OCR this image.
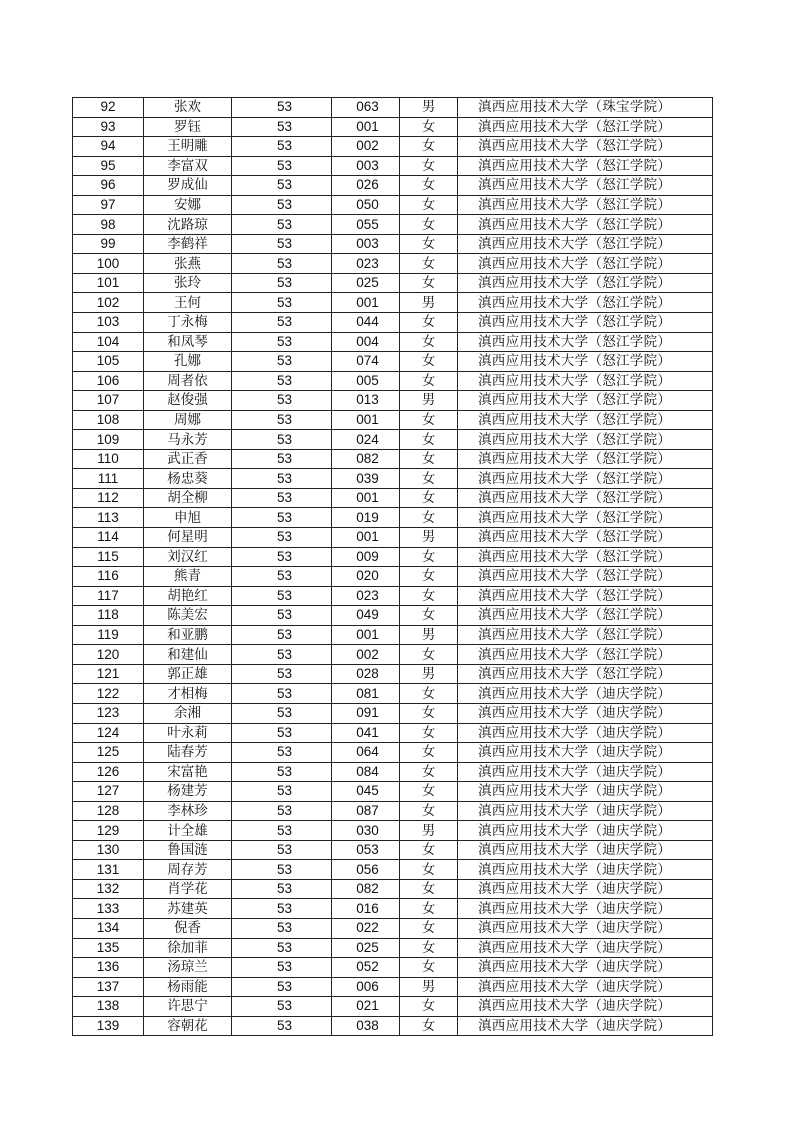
92	张欢	53	063	男	滇西应用技术大学（珠宝学院）
93	罗钰	53	001	女	滇西应用技术大学（怒江学院）
94	王明雕	53	002	女	滇西应用技术大学（怒江学院）
95	李富双	53	003	女	滇西应用技术大学（怒江学院）
96	罗成仙	53	026	女	滇西应用技术大学（怒江学院）
97	安娜	53	050	女	滇西应用技术大学（怒江学院）
98	沈路琼	53	055	女	滇西应用技术大学（怒江学院）
99	李鹤祥	53	003	女	滇西应用技术大学（怒江学院）
100	张燕	53	023	女	滇西应用技术大学（怒江学院）
101	张玲	53	025	女	滇西应用技术大学（怒江学院）
102	王何	53	001	男	滇西应用技术大学（怒江学院）
103	丁永梅	53	044	女	滇西应用技术大学（怒江学院）
104	和凤琴	53	004	女	滇西应用技术大学（怒江学院）
105	孔娜	53	074	女	滇西应用技术大学（怒江学院）
106	周者依	53	005	女	滇西应用技术大学（怒江学院）
107	赵俊强	53	013	男	滇西应用技术大学（怒江学院）
108	周娜	53	001	女	滇西应用技术大学（怒江学院）
109	马永芳	53	024	女	滇西应用技术大学（怒江学院）
110	武正香	53	082	女	滇西应用技术大学（怒江学院）
111	杨忠葵	53	039	女	滇西应用技术大学（怒江学院）
112	胡全柳	53	001	女	滇西应用技术大学（怒江学院）
113	申旭	53	019	女	滇西应用技术大学（怒江学院）
114	何星明	53	001	男	滇西应用技术大学（怒江学院）
115	刘汉红	53	009	女	滇西应用技术大学（怒江学院）
116	熊青	53	020	女	滇西应用技术大学（怒江学院）
117	胡艳红	53	023	女	滇西应用技术大学（怒江学院）
118	陈美宏	53	049	女	滇西应用技术大学（怒江学院）
119	和亚鹏	53	001	男	滇西应用技术大学（怒江学院）
120	和建仙	53	002	女	滇西应用技术大学（怒江学院）
121	郭正雄	53	028	男	滇西应用技术大学（怒江学院）
122	才相梅	53	081	女	滇西应用技术大学（迪庆学院）
123	余湘	53	091	女	滇西应用技术大学（迪庆学院）
124	叶永莉	53	041	女	滇西应用技术大学（迪庆学院）
125	陆春芳	53	064	女	滇西应用技术大学（迪庆学院）
126	宋富艳	53	084	女	滇西应用技术大学（迪庆学院）
127	杨建芳	53	045	女	滇西应用技术大学（迪庆学院）
128	李林珍	53	087	女	滇西应用技术大学（迪庆学院）
129	计全雄	53	030	男	滇西应用技术大学（迪庆学院）
130	鲁国涟	53	053	女	滇西应用技术大学（迪庆学院）
131	周存芳	53	056	女	滇西应用技术大学（迪庆学院）
132	肖学花	53	082	女	滇西应用技术大学（迪庆学院）
133	苏建英	53	016	女	滇西应用技术大学（迪庆学院）
134	倪香	53	022	女	滇西应用技术大学（迪庆学院）
135	徐加菲	53	025	女	滇西应用技术大学（迪庆学院）
136	汤琼兰	53	052	女	滇西应用技术大学（迪庆学院）
137	杨雨能	53	006	男	滇西应用技术大学（迪庆学院）
138	许思宁	53	021	女	滇西应用技术大学（迪庆学院）
139	容朝花	53	038	女	滇西应用技术大学（迪庆学院）
